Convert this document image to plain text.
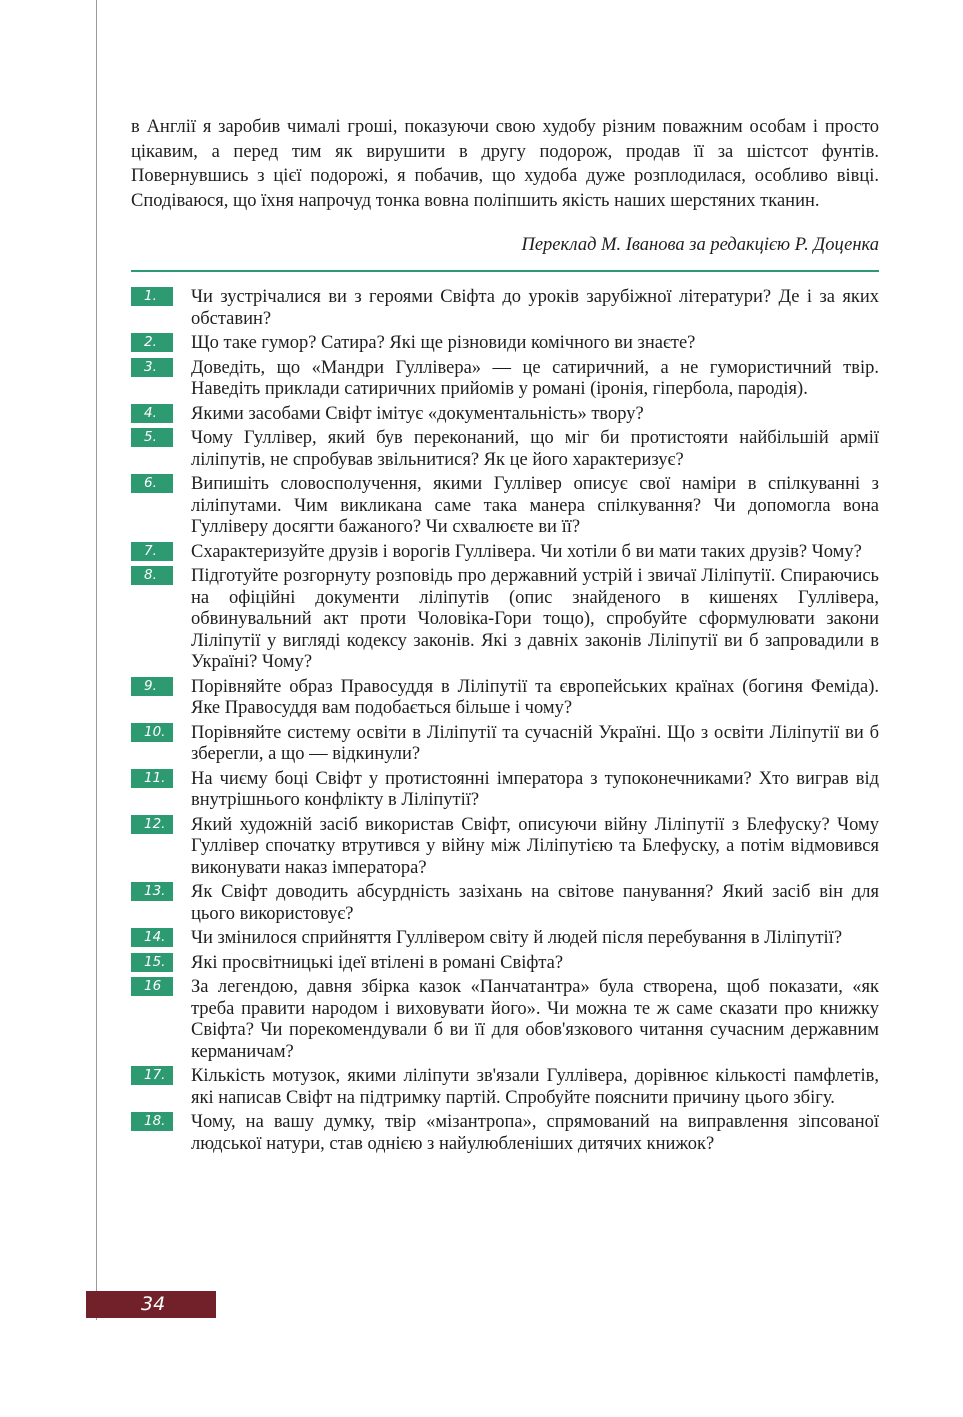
в Англії я заробив чималі гроші, показуючи свою худобу різним поважним особам і просто цікавим, а перед тим як вирушити в другу подорож, продав її за шістсот фунтів. Повернувшись з цієї подорожі, я побачив, що худоба дуже розплодилася, особливо вівці. Сподіваюся, що їхня напрочуд тонка вовна поліпшить якість наших шерстяних тканин.

Переклад М. Іванова за редакцією Р. Доценка

1.	Чи зустрічалися ви з героями Свіфта до уроків зарубіжної літератури? Де і за яких обставин?
2.	Що таке гумор? Сатира? Які ще різновиди комічного ви знаєте?
3.	Доведіть, що «Мандри Гуллівера» — це сатиричний, а не гумористичний твір. Наведіть приклади сатиричних прийомів у романі (іронія, гіпербола, пародія).
4.	Якими засобами Свіфт імітує «документальність» твору?
5.	Чому Гуллівер, який був переконаний, що міг би протистояти найбільшій армії ліліпутів, не спробував звільнитися? Як це його характеризує?
6.	Випишіть словосполучення, якими Гуллівер описує свої наміри в спілкуванні з ліліпутами. Чим викликана саме така манера спілкування? Чи допомогла вона Гулліверу досягти бажаного? Чи схвалюєте ви її?
7.	Схарактеризуйте друзів і ворогів Гуллівера. Чи хотіли б ви мати таких друзів? Чому?
8.	Підготуйте розгорнуту розповідь про державний устрій і звичаї Ліліпутії. Спираючись на офіційні документи ліліпутів (опис знайденого в кишенях Гуллівера, обвинувальний акт проти Чоловіка-Гори тощо), спробуйте сформулювати закони Ліліпутії у вигляді кодексу законів. Які з давніх законів Ліліпутії ви б запровадили в Україні? Чому?
9.	Порівняйте образ Правосуддя в Ліліпутії та європейських країнах (богиня Феміда). Яке Правосуддя вам подобається більше і чому?
10.	Порівняйте систему освіти в Ліліпутії та сучасній Україні. Що з освіти Ліліпутії ви б зберегли, а що — відкинули?
11.	На чиєму боці Свіфт у протистоянні імператора з тупоконечниками? Хто виграв від внутрішнього конфлікту в Ліліпутії?
12.	Який художній засіб використав Свіфт, описуючи війну Ліліпутії з Блефуску? Чому Гуллівер спочатку втрутився у війну між Ліліпутією та Блефуску, а потім відмовився виконувати наказ імператора?
13.	Як Свіфт доводить абсурдність зазіхань на світове панування? Який засіб він для цього використовує?
14.	Чи змінилося сприйняття Гуллівером світу й людей після перебування в Ліліпутії?
15.	Які просвітницькі ідеї втілені в романі Свіфта?
16	За легендою, давня збірка казок «Панчатантра» була створена, щоб показати, «як треба правити народом і виховувати його». Чи можна те ж саме сказати про книжку Свіфта? Чи порекомендували б ви її для обов'язкового читання сучасним державним керманичам?
17.	Кількість мотузок, якими ліліпути зв'язали Гуллівера, дорівнює кількості памфлетів, які написав Свіфт на підтримку партій. Спробуйте пояснити причину цього збігу.
18.	Чому, на вашу думку, твір «мізантропа», спрямований на виправлення зіпсованої людської натури, став однією з найулюбленіших дитячих книжок?
34
